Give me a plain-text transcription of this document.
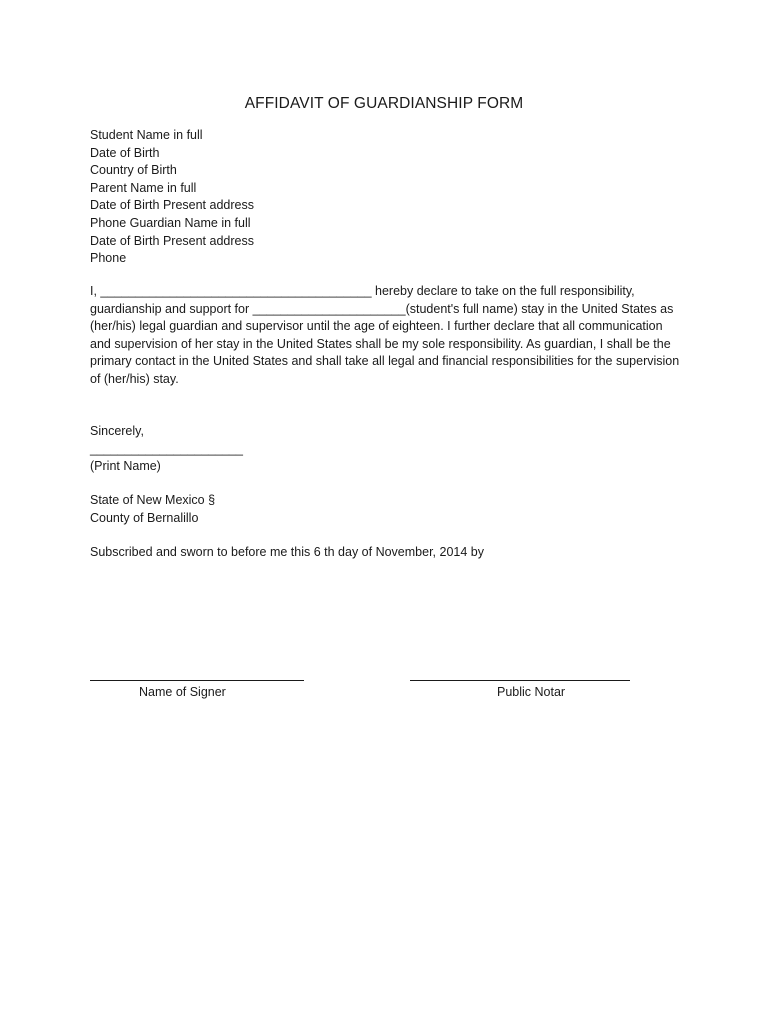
AFFIDAVIT OF GUARDIANSHIP FORM
Student Name in full
Date of Birth
Country of Birth
Parent Name in full
Date of Birth Present address
Phone Guardian Name in full
Date of Birth Present address
Phone
I, _______________________________________ hereby declare to take on the full responsibility, guardianship and support for ______________________(student's full name) stay in the United States as (her/his) legal guardian and supervisor until the age of eighteen. I further declare that all communication and supervision of her stay in the United States shall be my sole responsibility. As guardian, I shall be the primary contact in the United States and shall take all legal and financial responsibilities for the supervision of (her/his) stay.
Sincerely,
______________________
(Print Name)
State of New Mexico §
County of Bernalillo
Subscribed and sworn to before me this 6 th day of November, 2014 by
Name of Signer	Public Notar
